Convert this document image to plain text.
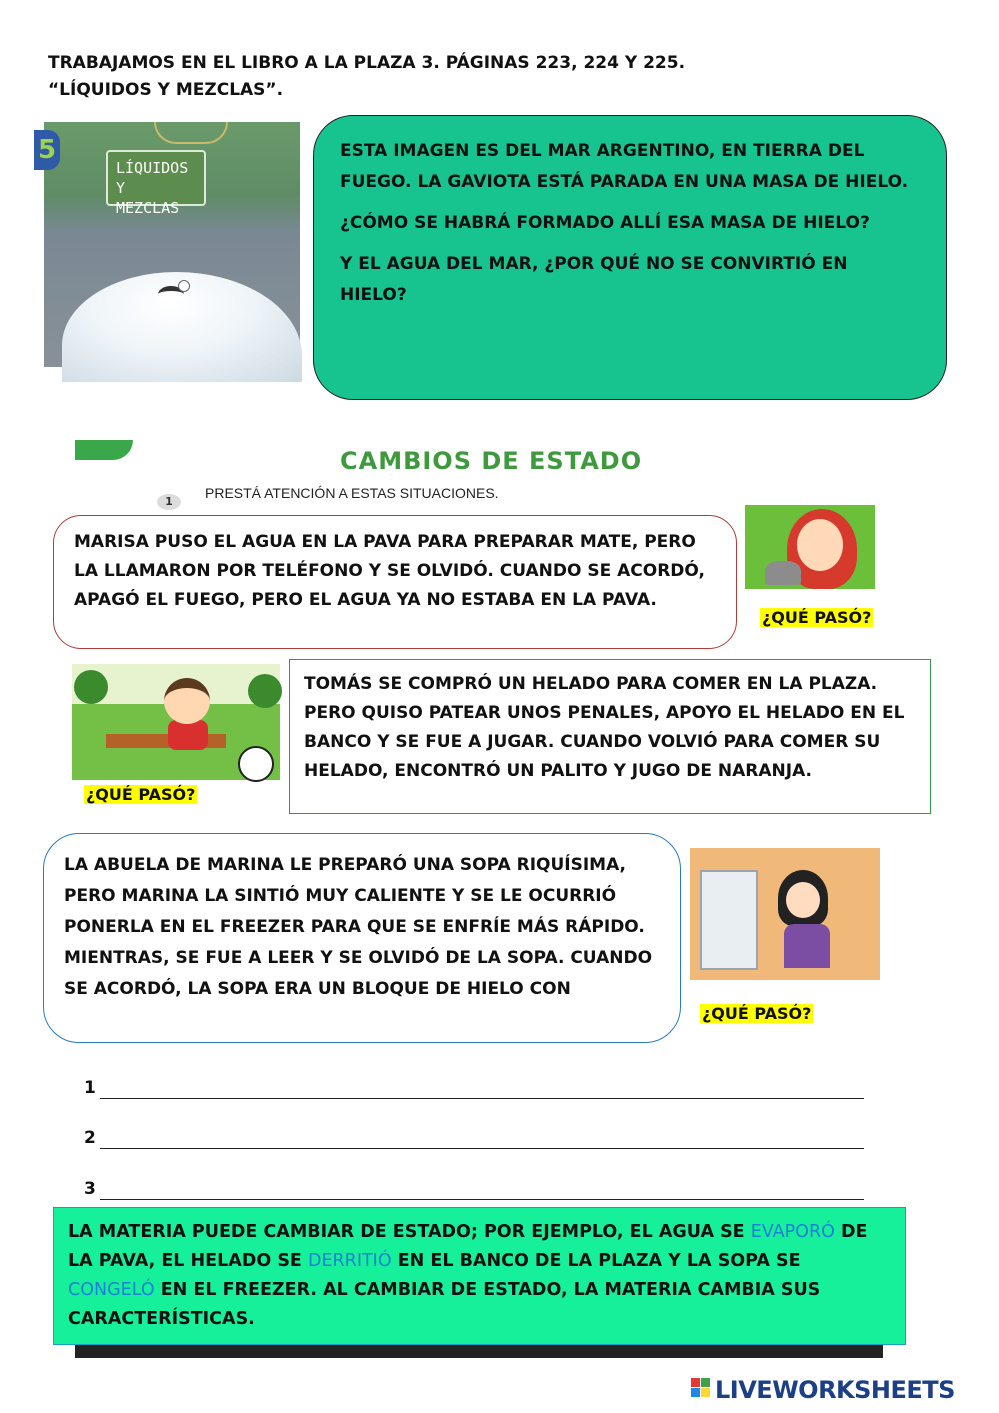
TRABAJAMOS EN EL LIBRO A LA PLAZA 3. PÁGINAS 223, 224 Y 225.
“LÍQUIDOS Y MEZCLAS”.
5
LÍQUIDOS Y
MEZCLAS

ESTA IMAGEN ES DEL MAR ARGENTINO, EN TIERRA DEL FUEGO. LA GAVIOTA ESTÁ PARADA EN UNA MASA DE HIELO.

¿CÓMO SE HABRÁ FORMADO ALLÍ ESA MASA DE HIELO?

Y EL AGUA DEL MAR, ¿POR QUÉ NO SE CONVIRTIÓ EN HIELO?

CAMBIOS DE ESTADO
1
PRESTÁ ATENCIÓN A ESTAS SITUACIONES.
MARISA PUSO EL AGUA EN LA PAVA PARA PREPARAR MATE, PERO LA LLAMARON POR TELÉFONO Y SE OLVIDÓ. CUANDO SE ACORDÓ, APAGÓ EL FUEGO, PERO EL AGUA YA NO ESTABA EN LA PAVA.
¿QUÉ PASÓ?
TOMÁS SE COMPRÓ UN HELADO PARA COMER EN LA PLAZA. PERO QUISO PATEAR UNOS PENALES, APOYO EL HELADO EN EL BANCO Y SE FUE A JUGAR. CUANDO VOLVIÓ PARA COMER SU HELADO, ENCONTRÓ UN PALITO Y JUGO DE NARANJA.
¿QUÉ PASÓ?
LA ABUELA DE MARINA LE PREPARÓ UNA SOPA RIQUÍSIMA, PERO MARINA LA SINTIÓ MUY CALIENTE Y SE LE OCURRIÓ PONERLA EN EL FREEZER PARA QUE SE ENFRÍE MÁS RÁPIDO. MIENTRAS, SE FUE A LEER Y SE OLVIDÓ DE LA SOPA. CUANDO SE ACORDÓ, LA SOPA ERA UN BLOQUE DE HIELO CON
¿QUÉ PASÓ?
1
2
3
LA MATERIA PUEDE CAMBIAR DE ESTADO; POR EJEMPLO, EL AGUA SE EVAPORÓ DE LA PAVA, EL HELADO SE DERRITIÓ EN EL BANCO DE LA PLAZA Y LA SOPA SE CONGELÓ EN EL FREEZER. AL CAMBIAR DE ESTADO, LA MATERIA CAMBIA SUS CARACTERÍSTICAS.
LIVEWORKSHEETS
